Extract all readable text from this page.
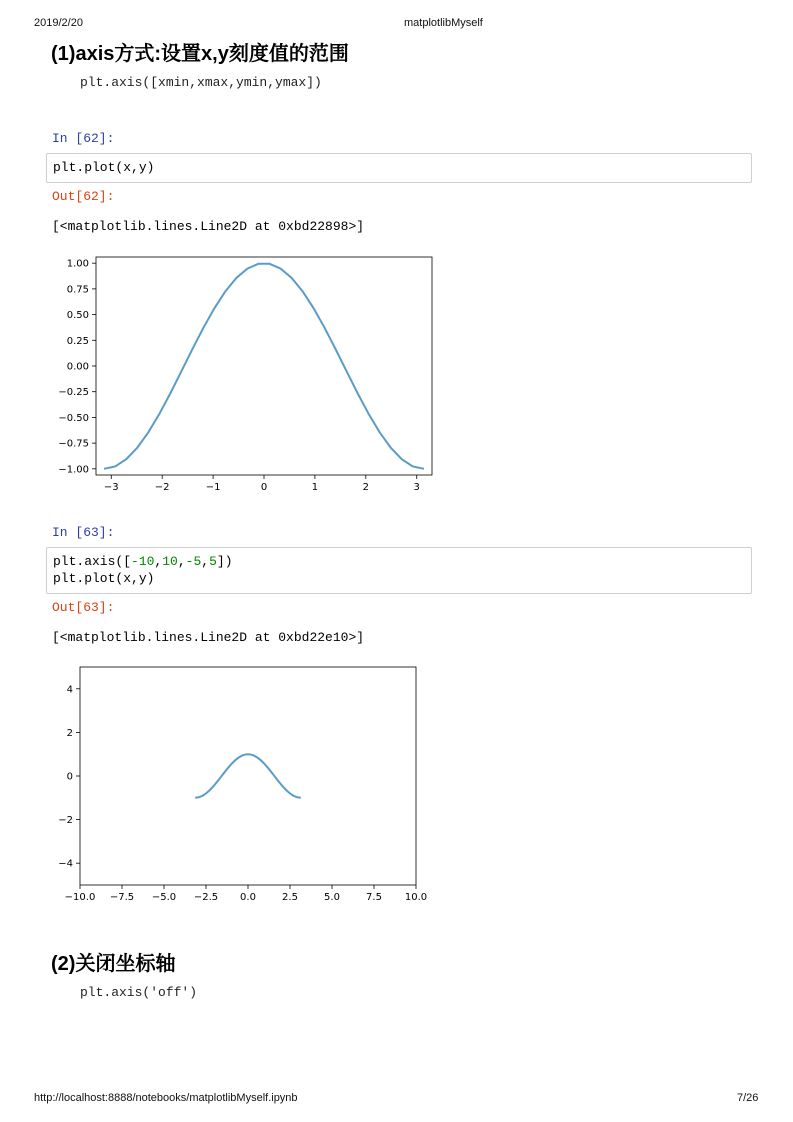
2019/2/20	matplotlibMyself
(1)axis方式:设置x,y刻度值的范围
plt.axis([xmin,xmax,ymin,ymax])
In [62]:
plt.plot(x,y)
Out[62]:
[<matplotlib.lines.Line2D at 0xbd22898>]
−3	−2	−1	0	1	2	3
1.00
0.75
0.50
0.25
0.00
−0.25
−0.50
−0.75
−1.00
In [63]:
plt.axis([-10,10,-5,5])
plt.plot(x,y)
Out[63]:
[<matplotlib.lines.Line2D at 0xbd22e10>]
−10.0 −7.5 −5.0 −2.5 0.0	2.5	5.0	7.5 10.0
4
2
0
−2
−4
(2)关闭坐标轴
plt.axis('off')
http://localhost:8888/notebooks/matplotlibMyself.ipynb	7/26
